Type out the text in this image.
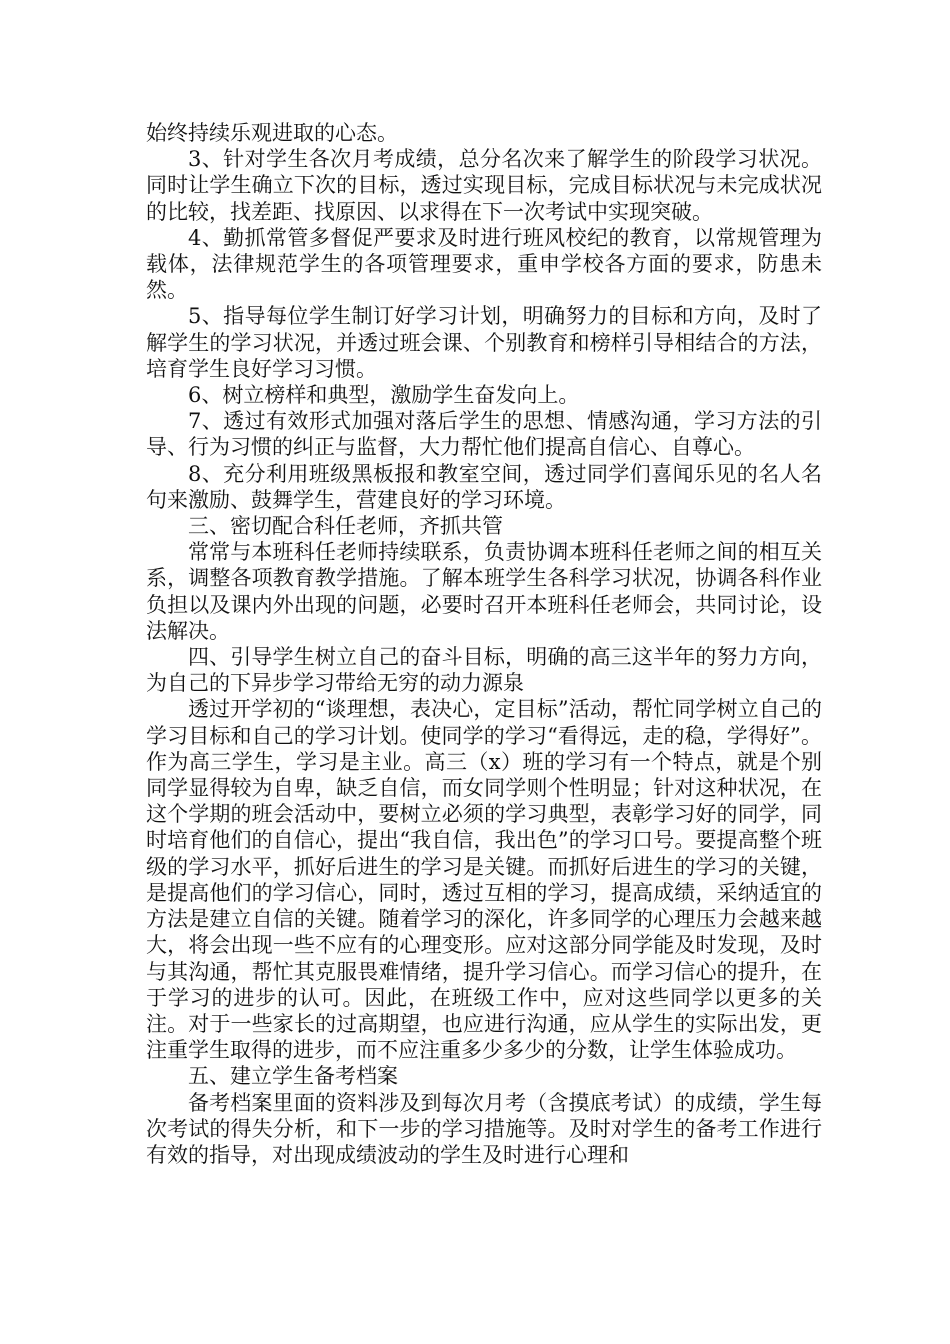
始终持续乐观进取的心态。

3、针对学生各次月考成绩，总分名次来了解学生的阶段学习状况。同时让学生确立下次的目标，透过实现目标，完成目标状况与未完成状况的比较，找差距、找原因、以求得在下一次考试中实现突破。

4、勤抓常管多督促严要求及时进行班风校纪的教育，以常规管理为载体，法律规范学生的各项管理要求，重申学校各方面的要求，防患未然。

5、指导每位学生制订好学习计划，明确努力的目标和方向，及时了解学生的学习状况，并透过班会课、个别教育和榜样引导相结合的方法，培育学生良好学习习惯。

6、树立榜样和典型，激励学生奋发向上。

7、透过有效形式加强对落后学生的思想、情感沟通，学习方法的引导、行为习惯的纠正与监督，大力帮忙他们提高自信心、自尊心。

8、充分利用班级黑板报和教室空间，透过同学们喜闻乐见的名人名句来激励、鼓舞学生，营建良好的学习环境。

三、密切配合科任老师，齐抓共管

常常与本班科任老师持续联系，负责协调本班科任老师之间的相互关系，调整各项教育教学措施。了解本班学生各科学习状况，协调各科作业负担以及课内外出现的问题，必要时召开本班科任老师会，共同讨论，设法解决。

四、引导学生树立自己的奋斗目标，明确的高三这半年的努力方向，为自己的下异步学习带给无穷的动力源泉

透过开学初的“谈理想，表决心，定目标”活动，帮忙同学树立自己的学习目标和自己的学习计划。使同学的学习“看得远，走的稳，学得好”。作为高三学生，学习是主业。高三（x）班的学习有一个特点，就是个别同学显得较为自卑，缺乏自信，而女同学则个性明显；针对这种状况，在这个学期的班会活动中，要树立必须的学习典型，表彰学习好的同学，同时培育他们的自信心，提出“我自信，我出色”的学习口号。要提高整个班级的学习水平，抓好后进生的学习是关键。而抓好后进生的学习的关键，是提高他们的学习信心，同时，透过互相的学习，提高成绩，采纳适宜的方法是建立自信的关键。随着学习的深化，许多同学的心理压力会越来越大，将会出现一些不应有的心理变形。应对这部分同学能及时发现，及时与其沟通，帮忙其克服畏难情绪，提升学习信心。而学习信心的提升，在于学习的进步的认可。因此，在班级工作中，应对这些同学以更多的关注。对于一些家长的过高期望，也应进行沟通，应从学生的实际出发，更注重学生取得的进步，而不应注重多少多少的分数，让学生体验成功。

五、建立学生备考档案

备考档案里面的资料涉及到每次月考（含摸底考试）的成绩，学生每次考试的得失分析，和下一步的学习措施等。及时对学生的备考工作进行有效的指导，对出现成绩波动的学生及时进行心理和
